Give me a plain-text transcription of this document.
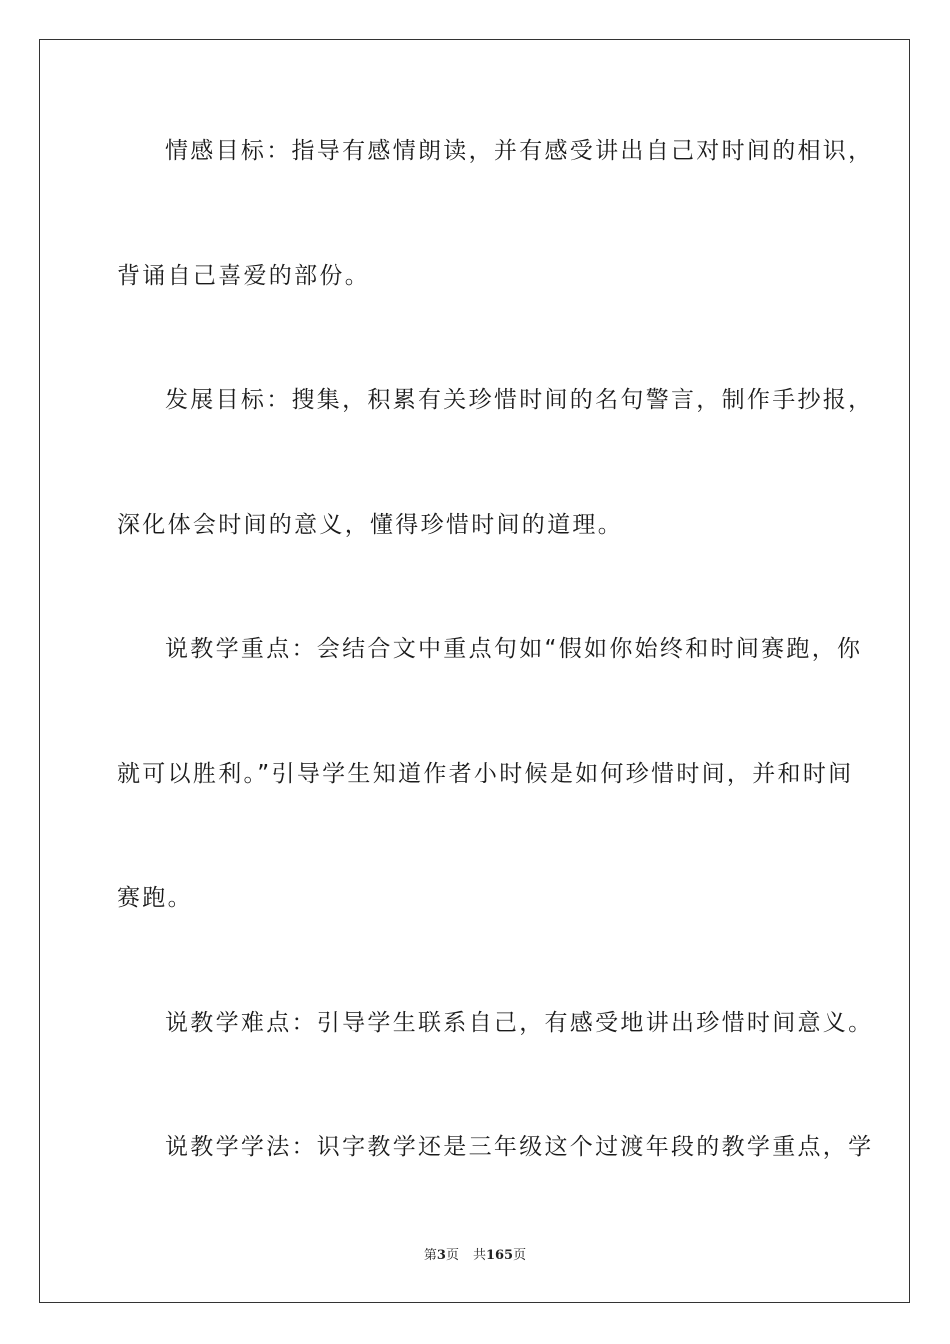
情感目标：指导有感情朗读，并有感受讲出自己对时间的相识，
背诵自己喜爱的部份。
发展目标：搜集，积累有关珍惜时间的名句警言，制作手抄报，
深化体会时间的意义，懂得珍惜时间的道理。
说教学重点：会结合文中重点句如“假如你始终和时间赛跑，你
就可以胜利。”引导学生知道作者小时候是如何珍惜时间，并和时间
赛跑。
说教学难点：引导学生联系自己，有感受地讲出珍惜时间意义。
说教学学法：识字教学还是三年级这个过渡年段的教学重点，学
第3页 共165页
